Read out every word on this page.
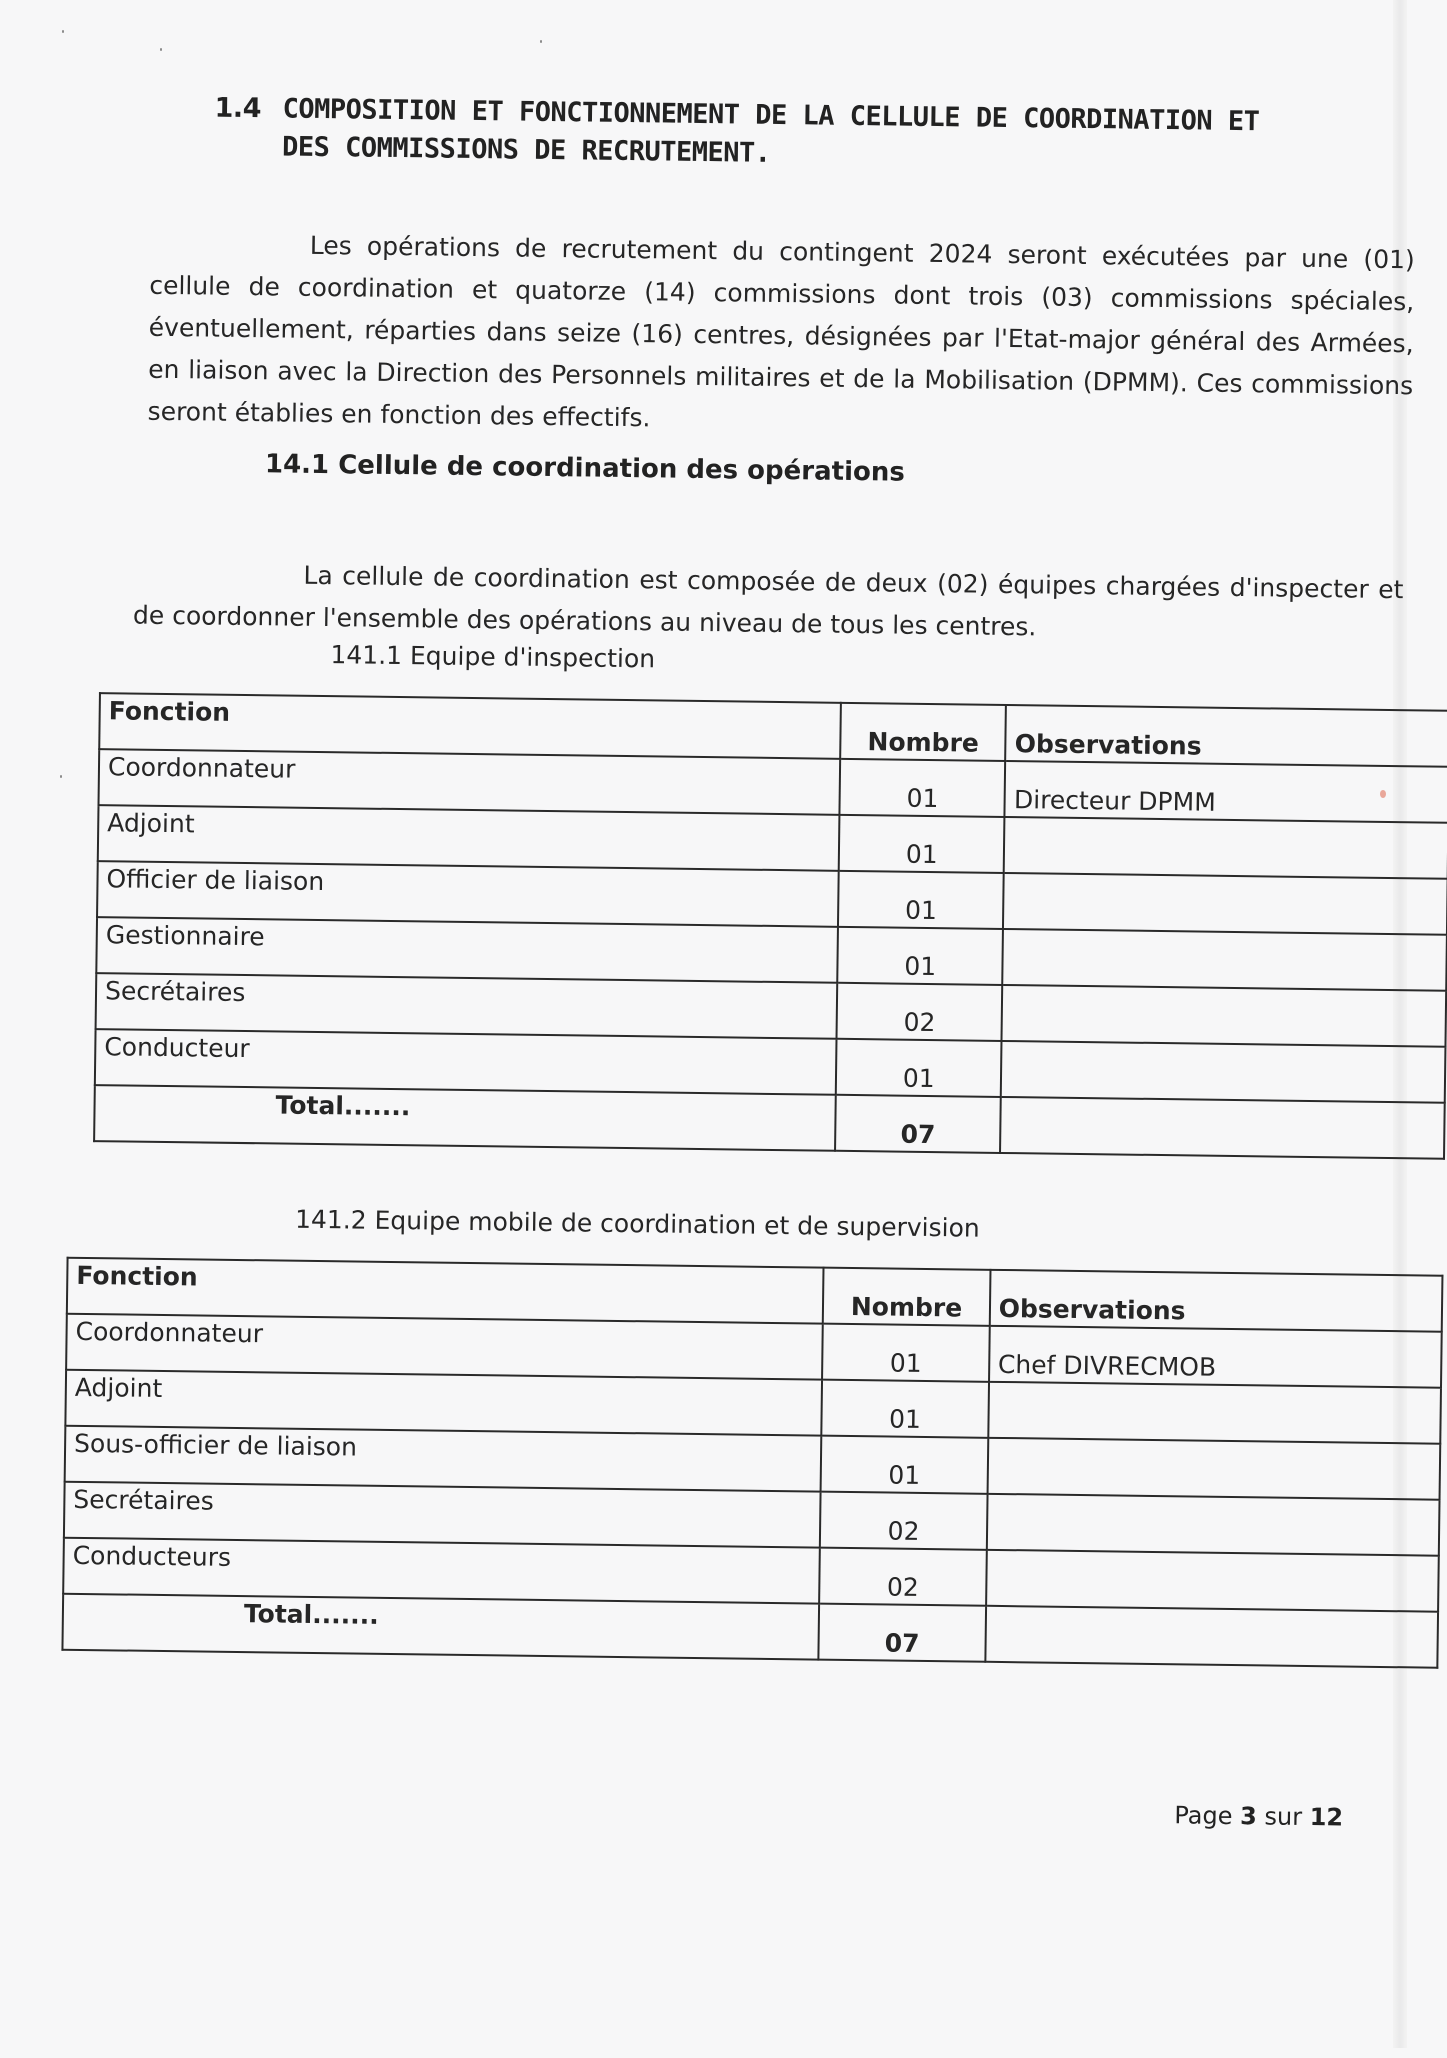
1.4 COMPOSITION ET FONCTIONNEMENT DE LA CELLULE DE COORDINATION ET
DES COMMISSIONS DE RECRUTEMENT.

Les opérations de recrutement du contingent 2024 seront exécutées par une (01) cellule de coordination et quatorze (14) commissions dont trois (03) commissions spéciales, éventuellement, réparties dans seize (16) centres, désignées par l'Etat-major général des Armées, en liaison avec la Direction des Personnels militaires et de la Mobilisation (DPMM). Ces commissions seront établies en fonction des effectifs.

14.1 Cellule de coordination des opérations

La cellule de coordination est composée de deux (02) équipes chargées d'inspecter et de coordonner l'ensemble des opérations au niveau de tous les centres.

141.1 Equipe d'inspection
Fonction	Nombre	Observations
Coordonnateur	01	Directeur DPMM
Adjoint	01	
Officier de liaison	01	
Gestionnaire	01	
Secrétaires	02	
Conducteur	01	
Total.......	07	
141.2 Equipe mobile de coordination et de supervision
Fonction	Nombre	Observations
Coordonnateur	01	Chef DIVRECMOB
Adjoint	01	
Sous-officier de liaison	01	
Secrétaires	02	
Conducteurs	02	
Total.......	07	
Page 3 sur 12
